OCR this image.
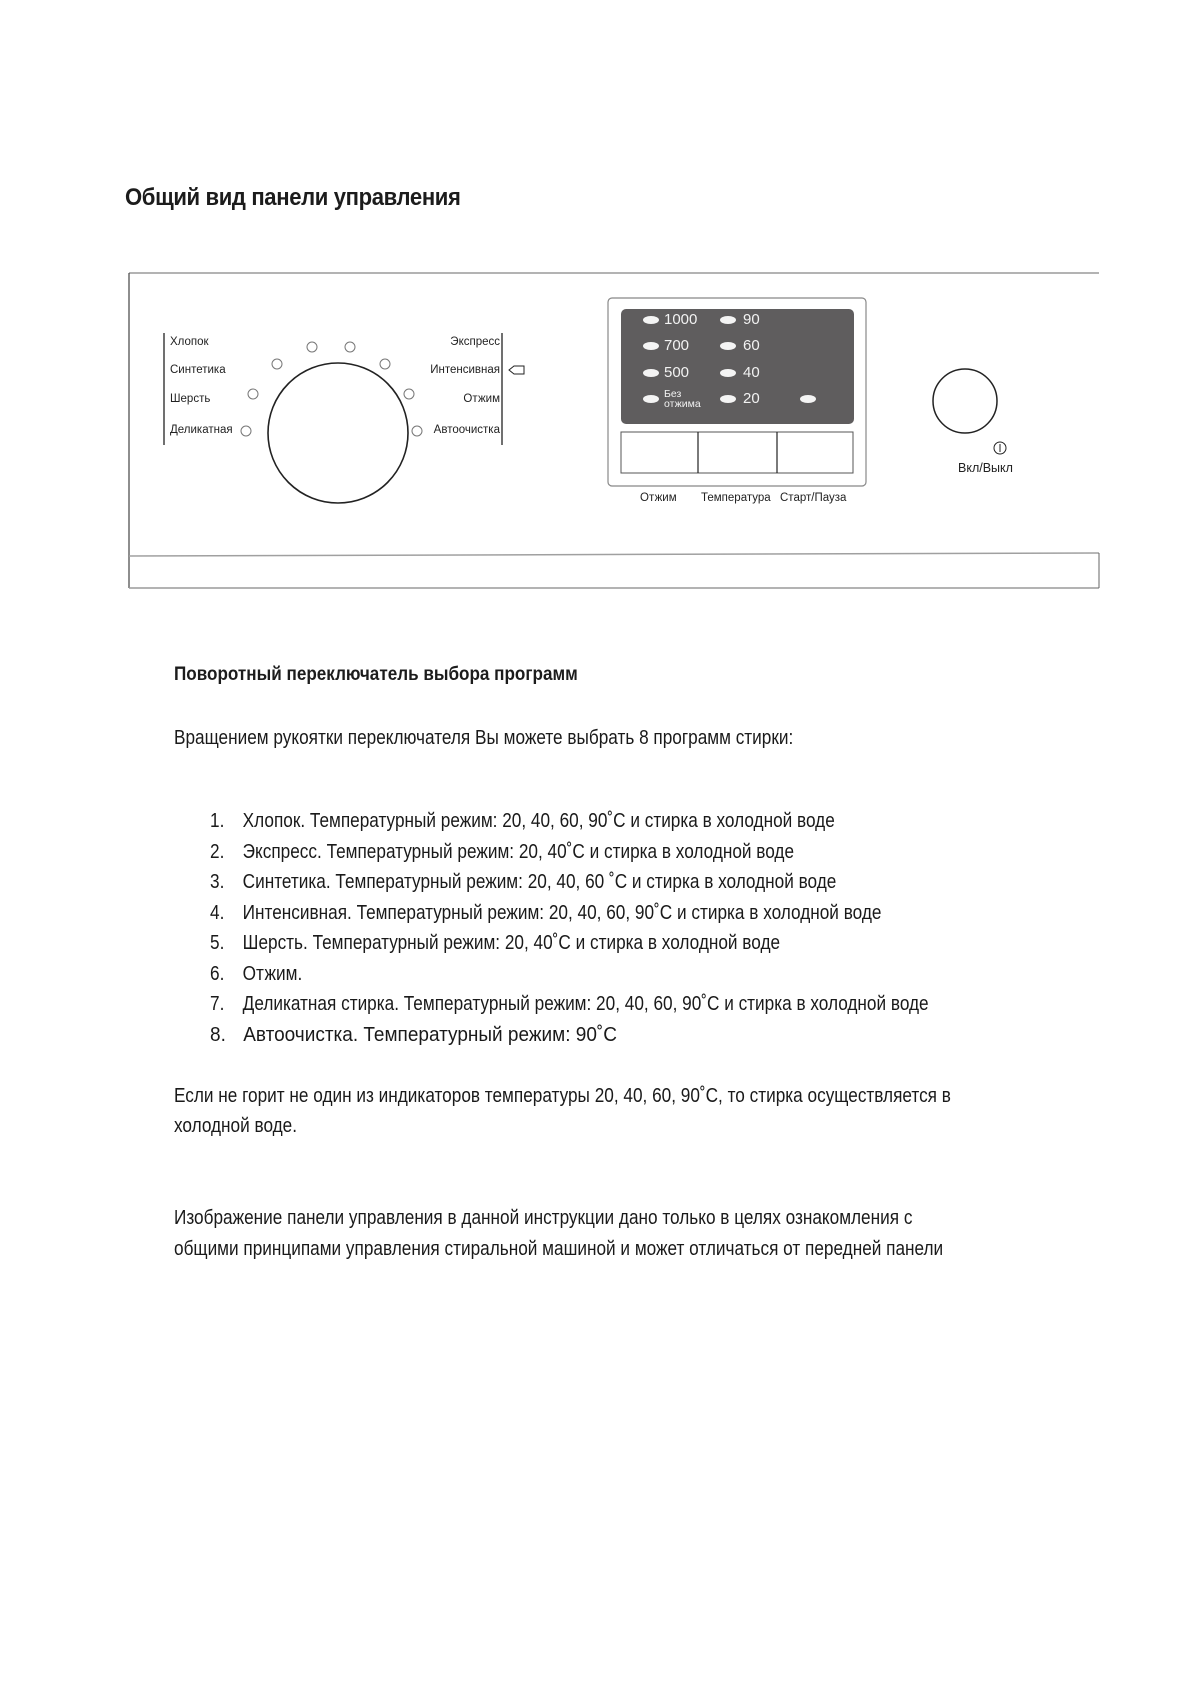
Общий вид панели управления
Хлопок
Синтетика
Шерсть
Деликатная
Экспресс
Интенсивная
Отжим
Автоочистка
1000
700
500
Без
отжима
90
60
40
20
Отжим Температура Старт/Пауза
Вкл/Выкл
Поворотный переключатель выбора программ
Вращением рукоятки переключателя Вы можете выбрать 8 программ стирки:
1. Хлопок. Температурный режим: 20, 40, 60, 90˚C и стирка в холодной воде
2. Экспресс. Температурный режим: 20, 40˚C и стирка в холодной воде
3. Синтетика. Температурный режим: 20, 40, 60 ˚C и стирка в холодной воде
4. Интенсивная. Температурный режим: 20, 40, 60, 90˚C и стирка в холодной воде
5. Шерсть. Температурный режим: 20, 40˚C и стирка в холодной воде
6. Отжим.
7. Деликатная стирка. Температурный режим: 20, 40, 60, 90˚C и стирка в холодной воде
8. Автоочистка. Температурный режим: 90˚C
Если не горит не один из индикаторов температуры 20, 40, 60, 90˚C, то стирка осуществляется в
холодной воде.
Изображение панели управления в данной инструкции дано только в целях ознакомления с
общими принципами управления стиральной машиной и может отличаться от передней панели
